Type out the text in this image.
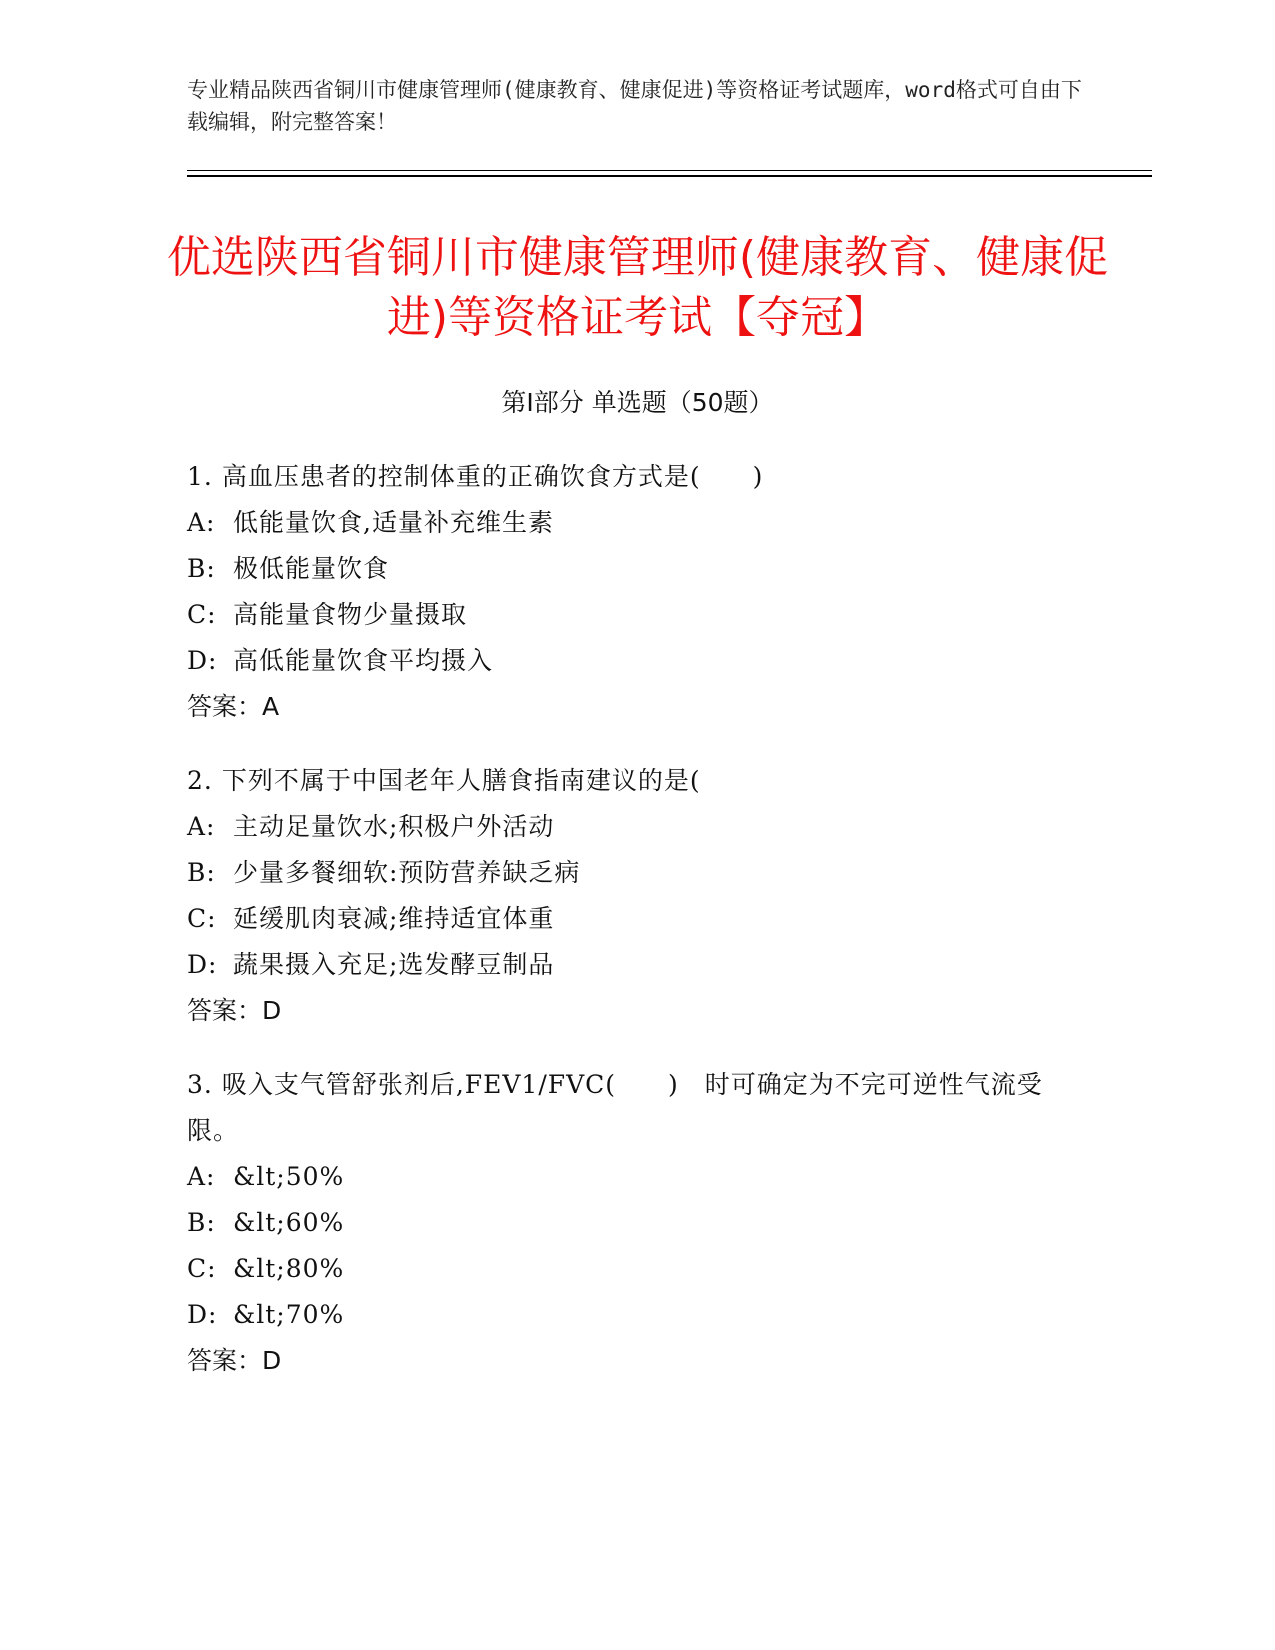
专业精品陕西省铜川市健康管理师(健康教育、健康促进)等资格证考试题库，word格式可自由下载编辑，附完整答案！
优选陕西省铜川市健康管理师(健康教育、健康促进)等资格证考试【夺冠】
第Ⅰ部分 单选题（50题）

1. 高血压患者的控制体重的正确饮食方式是(　　)

A: 低能量饮食,适量补充维生素

B: 极低能量饮食

C: 高能量食物少量摄取

D: 高低能量饮食平均摄入

答案：A

2. 下列不属于中国老年人膳食指南建议的是(

A: 主动足量饮水;积极户外活动

B: 少量多餐细软:预防营养缺乏病

C: 延缓肌肉衰减;维持适宜体重

D: 蔬果摄入充足;选发酵豆制品

答案：D

3. 吸入支气管舒张剂后,FEV1/FVC(　　)　时可确定为不完可逆性气流受限。

A: &lt;50%

B: &lt;60%

C: &lt;80%

D: &lt;70%

答案：D
